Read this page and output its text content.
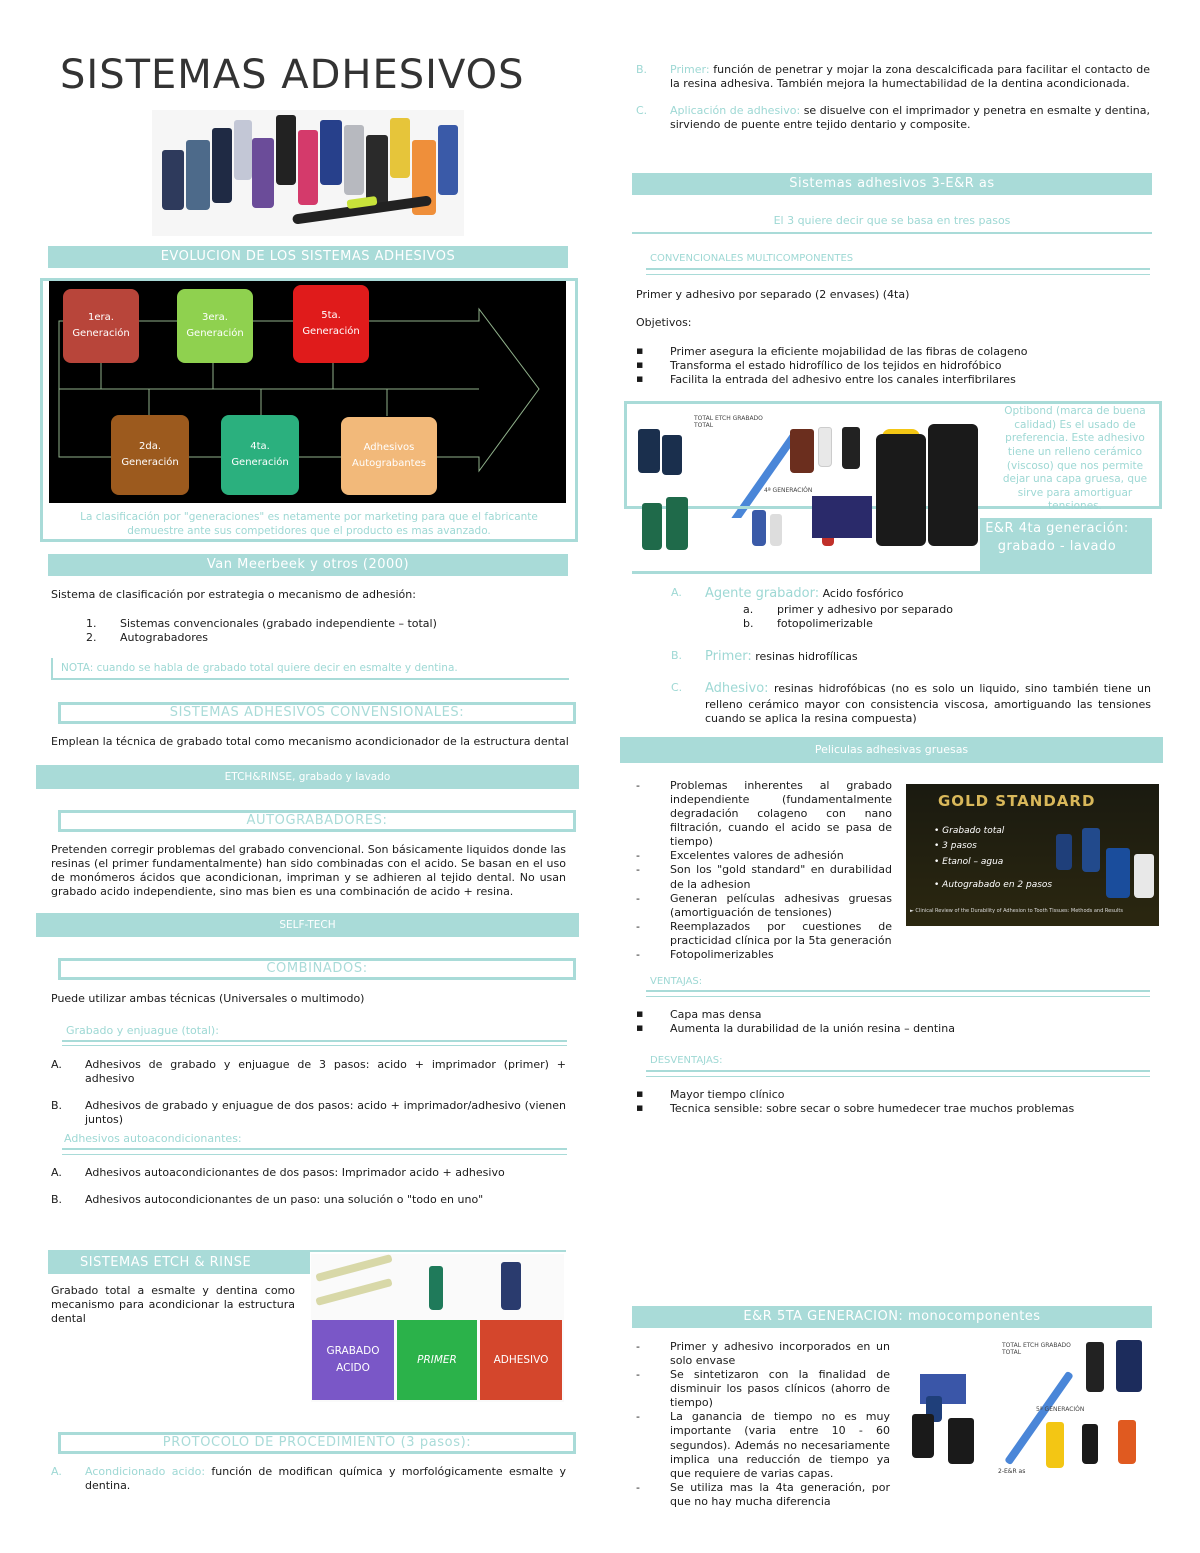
SISTEMAS ADHESIVOS
EVOLUCION DE LOS SISTEMAS ADHESIVOS
1era. Generación
3era. Generación
5ta. Generación
2da. Generación
4ta. Generación
Adhesivos Autograbantes
La clasificación por "generaciones" es netamente por marketing para que el fabricante demuestre ante sus competidores que el producto es mas avanzado.
Van Meerbeek y otros (2000)
Sistema de clasificación por estrategia o mecanismo de adhesión:
1. Sistemas convencionales (grabado independiente – total)
2. Autograbadores
NOTA: cuando se habla de grabado total quiere decir en esmalte y dentina.
SISTEMAS ADHESIVOS CONVENSIONALES:
Emplean la técnica de grabado total como mecanismo acondicionador de la estructura dental
ETCH&RINSE, grabado y lavado
AUTOGRABADORES:
Pretenden corregir problemas del grabado convencional. Son básicamente liquidos donde las resinas (el primer fundamentalmente) han sido combinadas con el acido. Se basan en el uso de monómeros ácidos que acondicionan, impriman y se adhieren al tejido dental. No usan grabado acido independiente, sino mas bien es una combinación de acido + resina.
SELF-TECH
COMBINADOS:
Puede utilizar ambas técnicas (Universales o multimodo)
Grabado y enjuague (total):
A. Adhesivos de grabado y enjuague de 3 pasos: acido + imprimador (primer) + adhesivo
B. Adhesivos de grabado y enjuague de dos pasos: acido + imprimador/adhesivo (vienen juntos)
Adhesivos autoacondicionantes:
A. Adhesivos autoacondicionantes de dos pasos: Imprimador acido + adhesivo
B. Adhesivos autocondicionantes de un paso: una solución o "todo en uno"
SISTEMAS ETCH & RINSE
Grabado total a esmalte y dentina como mecanismo para acondicionar la estructura dental
GRABADO ACIDO
PRIMER	ADHESIVO
PROTOCOLO DE PROCEDIMIENTO (3 pasos):
A. Acondicionado acido: función de modifican química y morfológicamente esmalte y dentina.
B. Primer: función de penetrar y mojar la zona descalcificada para facilitar el contacto de la resina adhesiva. También mejora la humectabilidad de la dentina acondicionada.
C. Aplicación de adhesivo: se disuelve con el imprimador y penetra en esmalte y dentina, sirviendo de puente entre tejido dentario y composite.
Sistemas adhesivos 3-E&R as
El 3 quiere decir que se basa en tres pasos
CONVENCIONALES MULTICOMPONENTES
Primer y adhesivo por separado (2 envases) (4ta)
Objetivos:
▪ Primer asegura la eficiente mojabilidad de las fibras de colageno
▪ Transforma el estado hidrofílico de los tejidos en hidrofóbico
▪ Facilita la entrada del adhesivo entre los canales interfibrilares
TOTAL ETCH GRABADO TOTAL
4ª GENERACIÓN
Optibond (marca de buena calidad) Es el usado de preferencia. Este adhesivo tiene un relleno cerámico (viscoso) que nos permite dejar una capa gruesa, que sirve para amortiguar tensiones.
E&R 4ta generación: grabado - lavado
A. Agente grabador: Acido fosfórico
a. primer y adhesivo por separado
b. fotopolimerizable
B. Primer: resinas hidrofílicas
C. Adhesivo: resinas hidrofóbicas (no es solo un liquido, sino también tiene un relleno cerámico mayor con consistencia viscosa, amortiguando las tensiones cuando se aplica la resina compuesta)
Peliculas adhesivas gruesas
- Problemas inherentes al grabado independiente (fundamentalmente degradación colageno con nano filtración, cuando el acido se pasa de tiempo)
- Excelentes valores de adhesión
- Son los "gold standard" en durabilidad de la adhesion
- Generan películas adhesivas gruesas (amortiguación de tensiones)
- Reemplazados por cuestiones de practicidad clínica por la 5ta generación
- Fotopolimerizables
GOLD STANDARD
• Grabado total
• 3 pasos
• Etanol – agua
• Autograbado en 2 pasos
► Clinical Review of the Durability of Adhesion to Tooth Tissues: Methods and Results
VENTAJAS:
▪ Capa mas densa
▪ Aumenta la durabilidad de la unión resina – dentina
DESVENTAJAS:
▪ Mayor tiempo clínico
▪ Tecnica sensible: sobre secar o sobre humedecer trae muchos problemas
E&R 5TA GENERACION: monocomponentes
- Primer y adhesivo incorporados en un solo envase
- Se sintetizaron con la finalidad de disminuir los pasos clínicos (ahorro de tiempo)
- La ganancia de tiempo no es muy importante (varia entre 10 - 60 segundos). Además no necesariamente implica una reducción de tiempo ya que requiere de varias capas.
- Se utiliza mas la 4ta generación, por que no hay mucha diferencia
TOTAL ETCH GRABADO TOTAL
5ª GENERACIÓN
2-E&R as
